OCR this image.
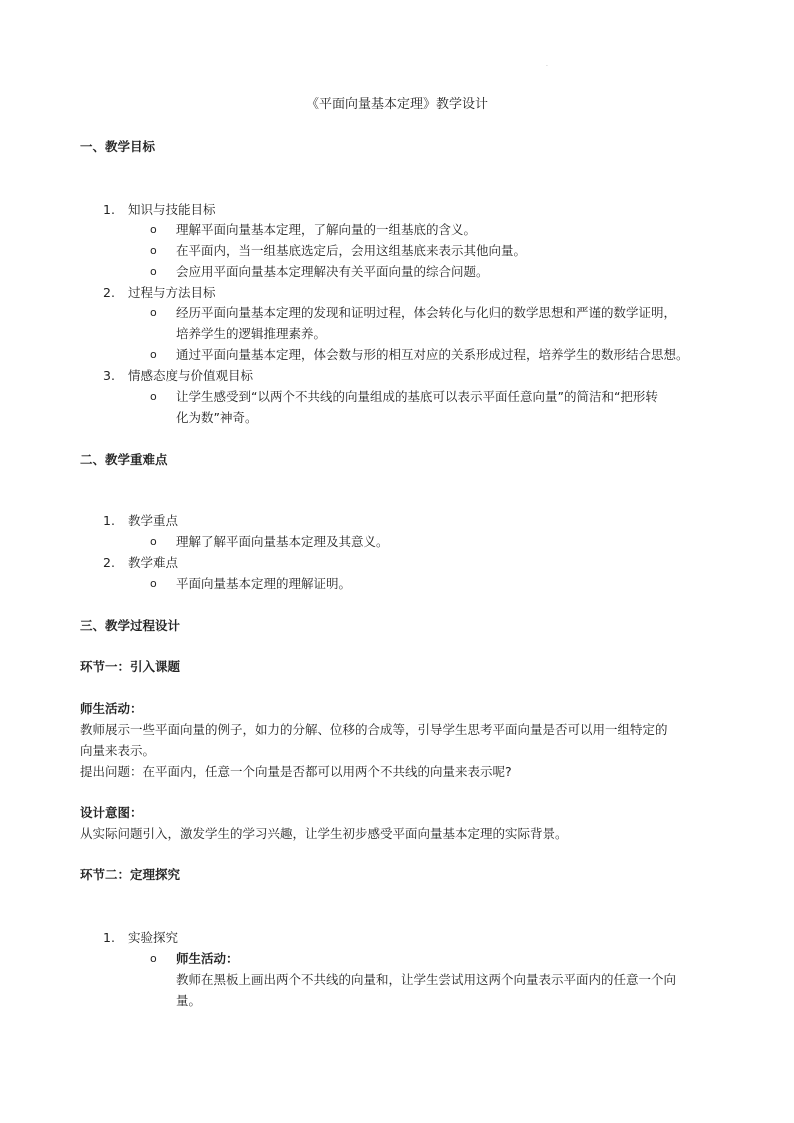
.
《平面向量基本定理》教学设计
一、教学目标
1. 知识与技能目标
o 理解平面向量基本定理，了解向量的一组基底的含义。
o 在平面内，当一组基底选定后，会用这组基底来表示其他向量。
o 会应用平面向量基本定理解决有关平面向量的综合问题。
2. 过程与方法目标
o 经历平面向量基本定理的发现和证明过程，体会转化与化归的数学思想和严谨的数学证明，
培养学生的逻辑推理素养。
o 通过平面向量基本定理，体会数与形的相互对应的关系形成过程，培养学生的数形结合思想。
3. 情感态度与价值观目标
o 让学生感受到“以两个不共线的向量组成的基底可以表示平面任意向量”的简洁和“把形转
化为数”神奇。
二、教学重难点
1. 教学重点
o 理解了解平面向量基本定理及其意义。
2. 教学难点
o 平面向量基本定理的理解证明。
三、教学过程设计
环节一：引入课题
师生活动：
教师展示一些平面向量的例子，如力的分解、位移的合成等，引导学生思考平面向量是否可以用一组特定的
向量来表示。
提出问题：在平面内，任意一个向量是否都可以用两个不共线的向量来表示呢?
设计意图：
从实际问题引入，激发学生的学习兴趣，让学生初步感受平面向量基本定理的实际背景。
环节二：定理探究
1. 实验探究
o 师生活动：
教师在黑板上画出两个不共线的向量和，让学生尝试用这两个向量表示平面内的任意一个向
量。
